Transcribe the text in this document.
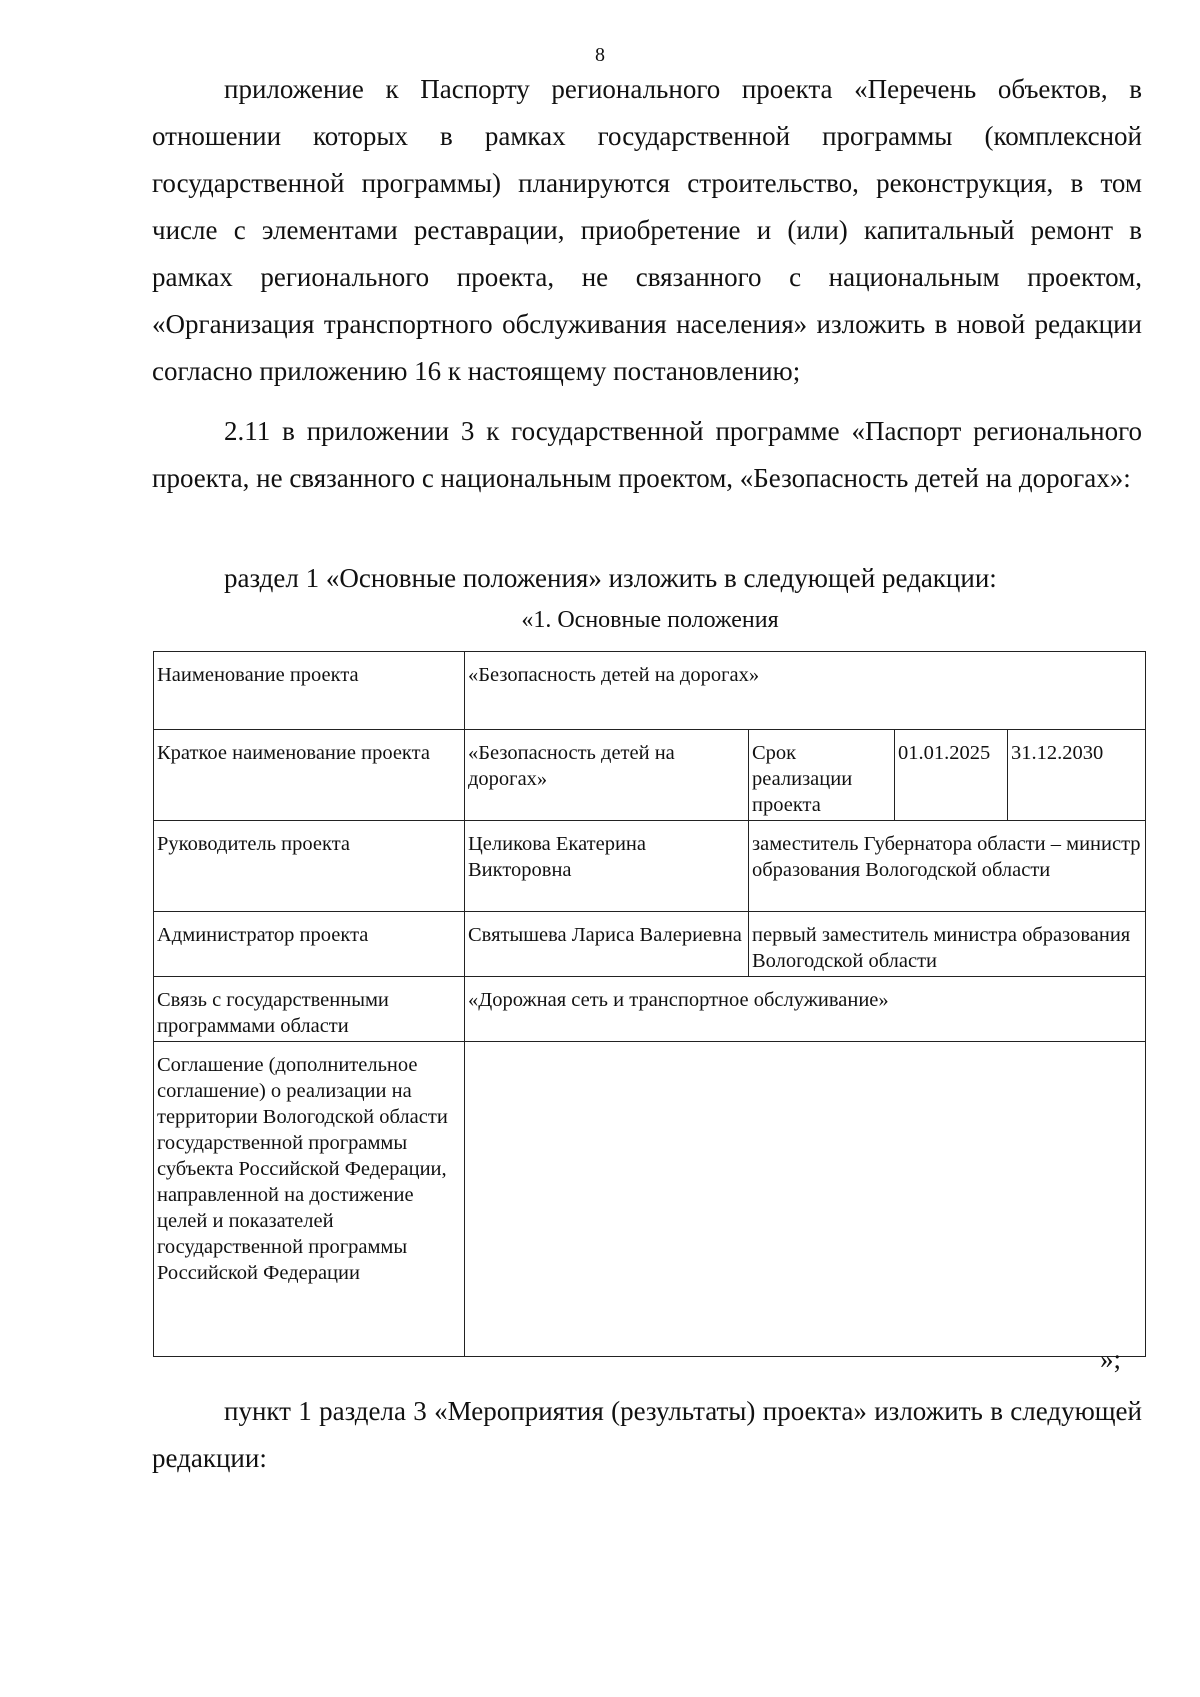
8

приложение к Паспорту регионального проекта «Перечень объектов, в отношении которых в рамках государственной программы (комплексной государственной программы) планируются строительство, реконструкция, в том числе с элементами реставрации, приобретение и (или) капитальный ремонт в рамках регионального проекта, не связанного с национальным проектом, «Организация транспортного обслуживания населения» изложить в новой редакции согласно приложению 16 к настоящему постановлению;

2.11 в приложении 3 к государственной программе «Паспорт регионального проекта, не связанного с национальным проектом, «Безопасность детей на дорогах»:

раздел 1 «Основные положения» изложить в следующей редакции:

«1. Основные положения
Наименование проекта	«Безопасность детей на дорогах»			
Краткое наименование проекта	«Безопасность детей на дорогах»	Срок реализации проекта	01.01.2025	31.12.2030
Руководитель проекта	Целикова Екатерина Викторовна	заместитель Губернатора области – министр образования Вологодской области		
Администратор проекта	Святышева Лариса Валериевна	первый заместитель министра образования Вологодской области		
Связь с государственными программами области	«Дорожная сеть и транспортное обслуживание»			
Соглашение (дополнительное соглашение) о реализации на территории Вологодской области государственной программы субъекта Российской Федерации, направленной на достижение целей и показателей государственной программы Российской Федерации				
»;

пункт 1 раздела 3 «Мероприятия (результаты) проекта» изложить в следующей редакции:
